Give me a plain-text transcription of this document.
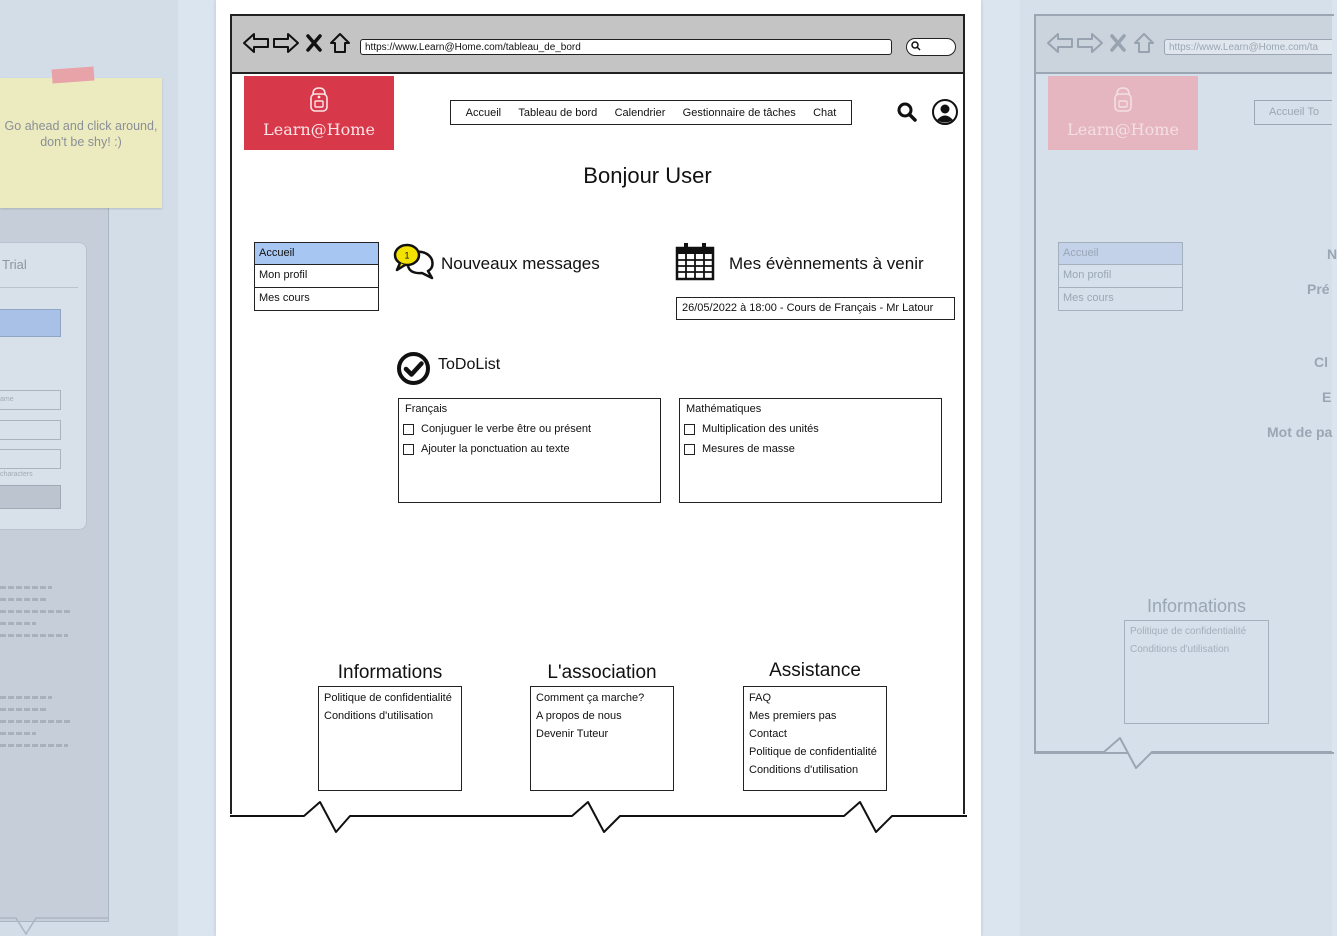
Go ahead and click around, don't be shy! :)
Trial
ame
characters
https://www.Learn@Home.com/tableau_de_bord
Learn@Home
Accueil Tableau de bord Calendrier Gestionnaire de tâches Chat
Bonjour User
Accueil
Mon profil
Mes cours
1 Nouveaux messages	Mes évènnements à venir
26/05/2022 à 18:00 - Cours de Français - Mr Latour
ToDoList
Français
Conjuguer le verbe être ou présent
Ajouter la ponctuation au texte
Mathématiques
Multiplication des unités
Mesures de masse
Informations
Politique de confidentialité
Conditions d'utilisation
L'association
Comment ça marche?
A propos de nous
Devenir Tuteur
Assistance
FAQ
Mes premiers pas
Contact
Politique de confidentialité
Conditions d'utilisation
https://www.Learn@Home.com/ta
Learn@Home
Accueil To
Accueil
Mon profil
Mes cours
N
Pré
Cl
E
Mot de pa
Informations
Politique de confidentialité
Conditions d'utilisation
